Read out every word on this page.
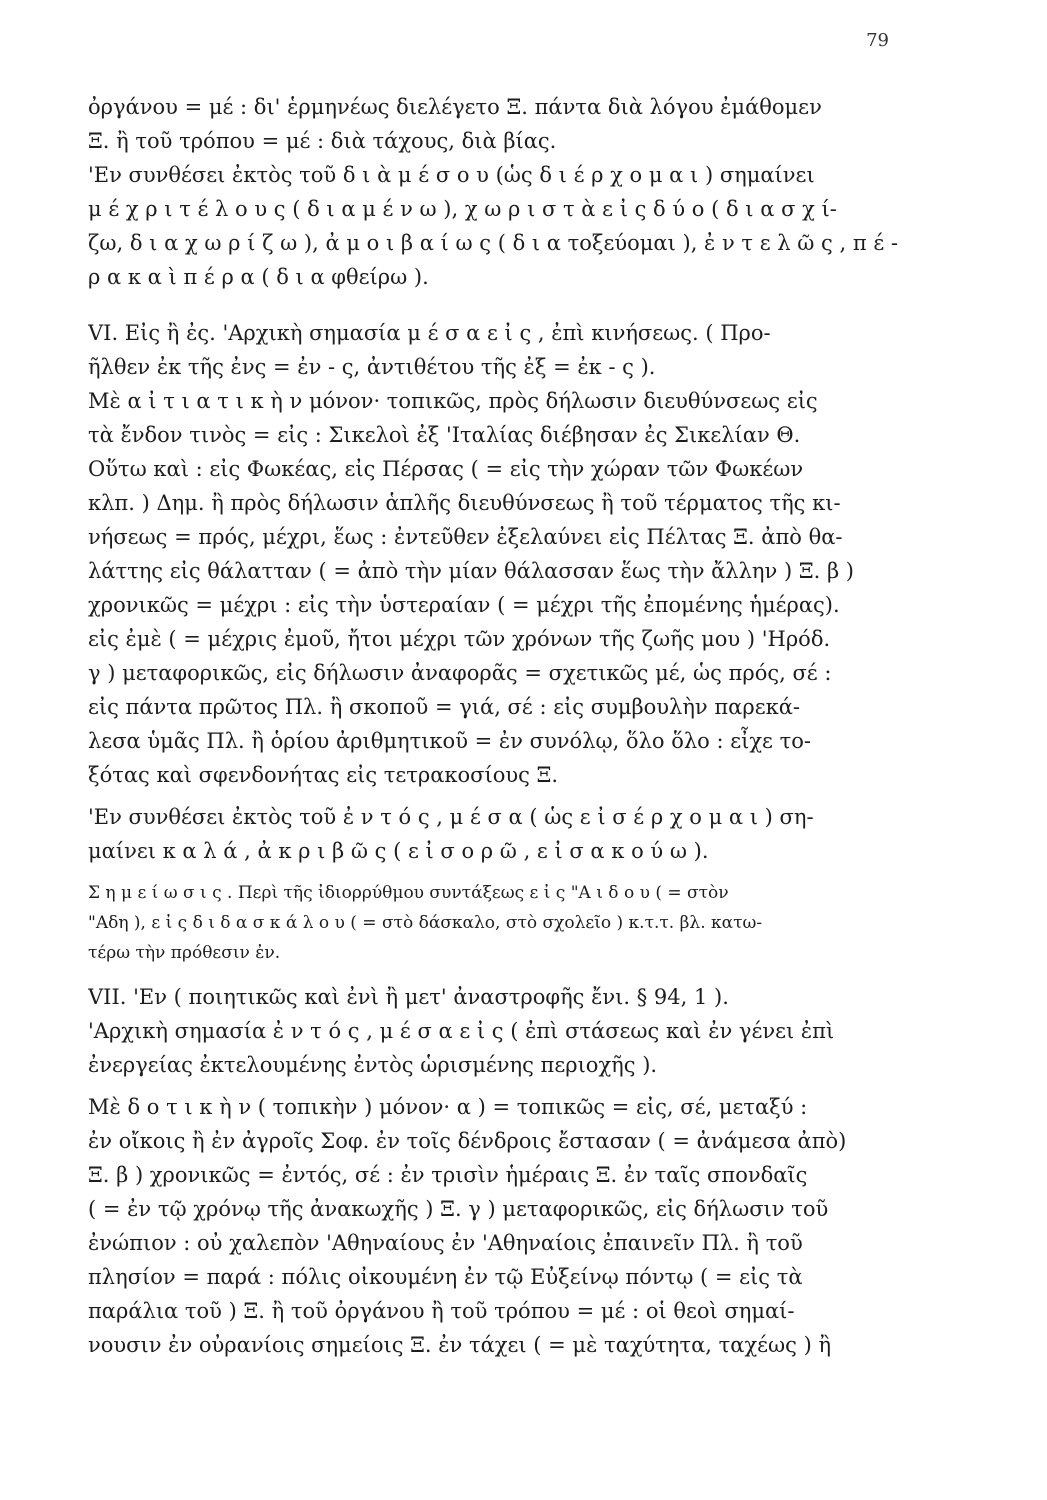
79
ὀργάνου = μέ : δι' ἑρμηνέως διελέγετο Ξ. πάντα διὰ λόγου ἐμάθομεν
Ξ. ἢ τοῦ τρόπου = μέ : διὰ τάχους, διὰ βίας.
'Εν συνθέσει ἐκτὸς τοῦ δ ι ὰ μ έ σ ο υ (ὡς δ ι έ ρ χ ο μ α ι ) σημαίνει
μ έ χ ρ ι τ έ λ ο υ ς ( δ ι α μ έ ν ω ), χ ω ρ ι σ τ ὰ ε ἰ ς δ ύ ο ( δ ι α σ χ ί-
ζω, δ ι α χ ω ρ ί ζ ω ), ἀ μ ο ι β α ί ω ς ( δ ι α τοξεύομαι ), ἐ ν τ ε λ ῶ ς , π έ -
ρ α κ α ὶ π έ ρ α ( δ ι α φθείρω ).
VI. Εἰς ἢ ἐς. 'Αρχικὴ σημασία μ έ σ α ε ἰ ς , ἐπὶ κινήσεως. ( Προ-
ῆλθεν ἐκ τῆς ἐνς = ἐν - ς, ἀντιθέτου τῆς ἐξ = ἐκ - ς ).
Μὲ α ἰ τ ι α τ ι κ ὴ ν μόνον· τοπικῶς, πρὸς δήλωσιν διευθύνσεως εἰς
τὰ ἔνδον τινὸς = εἰς : Σικελοὶ ἐξ 'Ιταλίας διέβησαν ἐς Σικελίαν Θ.
Οὕτω καὶ : εἰς Φωκέας, εἰς Πέρσας ( = εἰς τὴν χώραν τῶν Φωκέων
κλπ. ) Δημ. ἢ πρὸς δήλωσιν ἁπλῆς διευθύνσεως ἢ τοῦ τέρματος τῆς κι-
νήσεως = πρός, μέχρι, ἕως : ἐντεῦθεν ἐξελαύνει εἰς Πέλτας Ξ. ἀπὸ θα-
λάττης εἰς θάλατταν ( = ἀπὸ τὴν μίαν θάλασσαν ἕως τὴν ἄλλην ) Ξ. β )
χρονικῶς = μέχρι : εἰς τὴν ὑστεραίαν ( = μέχρι τῆς ἐπομένης ἡμέρας).
εἰς ἐμὲ ( = μέχρις ἐμοῦ, ἤτοι μέχρι τῶν χρόνων τῆς ζωῆς μου ) 'Ηρόδ.
γ ) μεταφορικῶς, εἰς δήλωσιν ἀναφορᾶς = σχετικῶς μέ, ὡς πρός, σέ :
εἰς πάντα πρῶτος Πλ. ἢ σκοποῦ = γιά, σέ : εἰς συμβουλὴν παρεκά-
λεσα ὑμᾶς Πλ. ἢ ὁρίου ἀριθμητικοῦ = ἐν συνόλῳ, ὅλο ὅλο : εἶχε το-
ξότας καὶ σφενδονήτας εἰς τετρακοσίους Ξ.
'Εν συνθέσει ἐκτὸς τοῦ ἐ ν τ ό ς , μ έ σ α ( ὡς ε ἰ σ έ ρ χ ο μ α ι ) ση-
μαίνει κ α λ ά , ἀ κ ρ ι β ῶ ς ( ε ἰ σ ο ρ ῶ , ε ἰ σ α κ ο ύ ω ).
Σ η μ ε ί ω σ ι ς . Περὶ τῆς ἰδιορρύθμου συντάξεως ε ἰ ς "Α ι δ ο υ ( = στὸν
"Αδη ), ε ἰ ς δ ι δ α σ κ ά λ ο υ ( = στὸ δάσκαλο, στὸ σχολεῖο ) κ.τ.τ. βλ. κατω-
τέρω τὴν πρόθεσιν ἐν.
VII. 'Εν ( ποιητικῶς καὶ ἐνὶ ἢ μετ' ἀναστροφῆς ἔνι. § 94, 1 ).
'Αρχικὴ σημασία ἐ ν τ ό ς , μ έ σ α ε ἰ ς ( ἐπὶ στάσεως καὶ ἐν γένει ἐπὶ
ἐνεργείας ἐκτελουμένης ἐντὸς ὡρισμένης περιοχῆς ).
Μὲ δ ο τ ι κ ὴ ν ( τοπικὴν ) μόνον· α ) = τοπικῶς = εἰς, σέ, μεταξύ :
ἐν οἴκοις ἢ ἐν ἀγροῖς Σοφ. ἐν τοῖς δένδροις ἔστασαν ( = ἀνάμεσα ἀπὸ)
Ξ. β ) χρονικῶς = ἐντός, σέ : ἐν τρισὶν ἡμέραις Ξ. ἐν ταῖς σπονδαῖς
( = ἐν τῷ χρόνῳ τῆς ἀνακωχῆς ) Ξ. γ ) μεταφορικῶς, εἰς δήλωσιν τοῦ
ἐνώπιον : οὐ χαλεπὸν 'Αθηναίους ἐν 'Αθηναίοις ἐπαινεῖν Πλ. ἢ τοῦ
πλησίον = παρά : πόλις οἰκουμένη ἐν τῷ Εὐξείνῳ πόντῳ ( = εἰς τὰ
παράλια τοῦ ) Ξ. ἢ τοῦ ὀργάνου ἢ τοῦ τρόπου = μέ : οἱ θεοὶ σημαί-
νουσιν ἐν οὐρανίοις σημείοις Ξ. ἐν τάχει ( = μὲ ταχύτητα, ταχέως ) ἢ
